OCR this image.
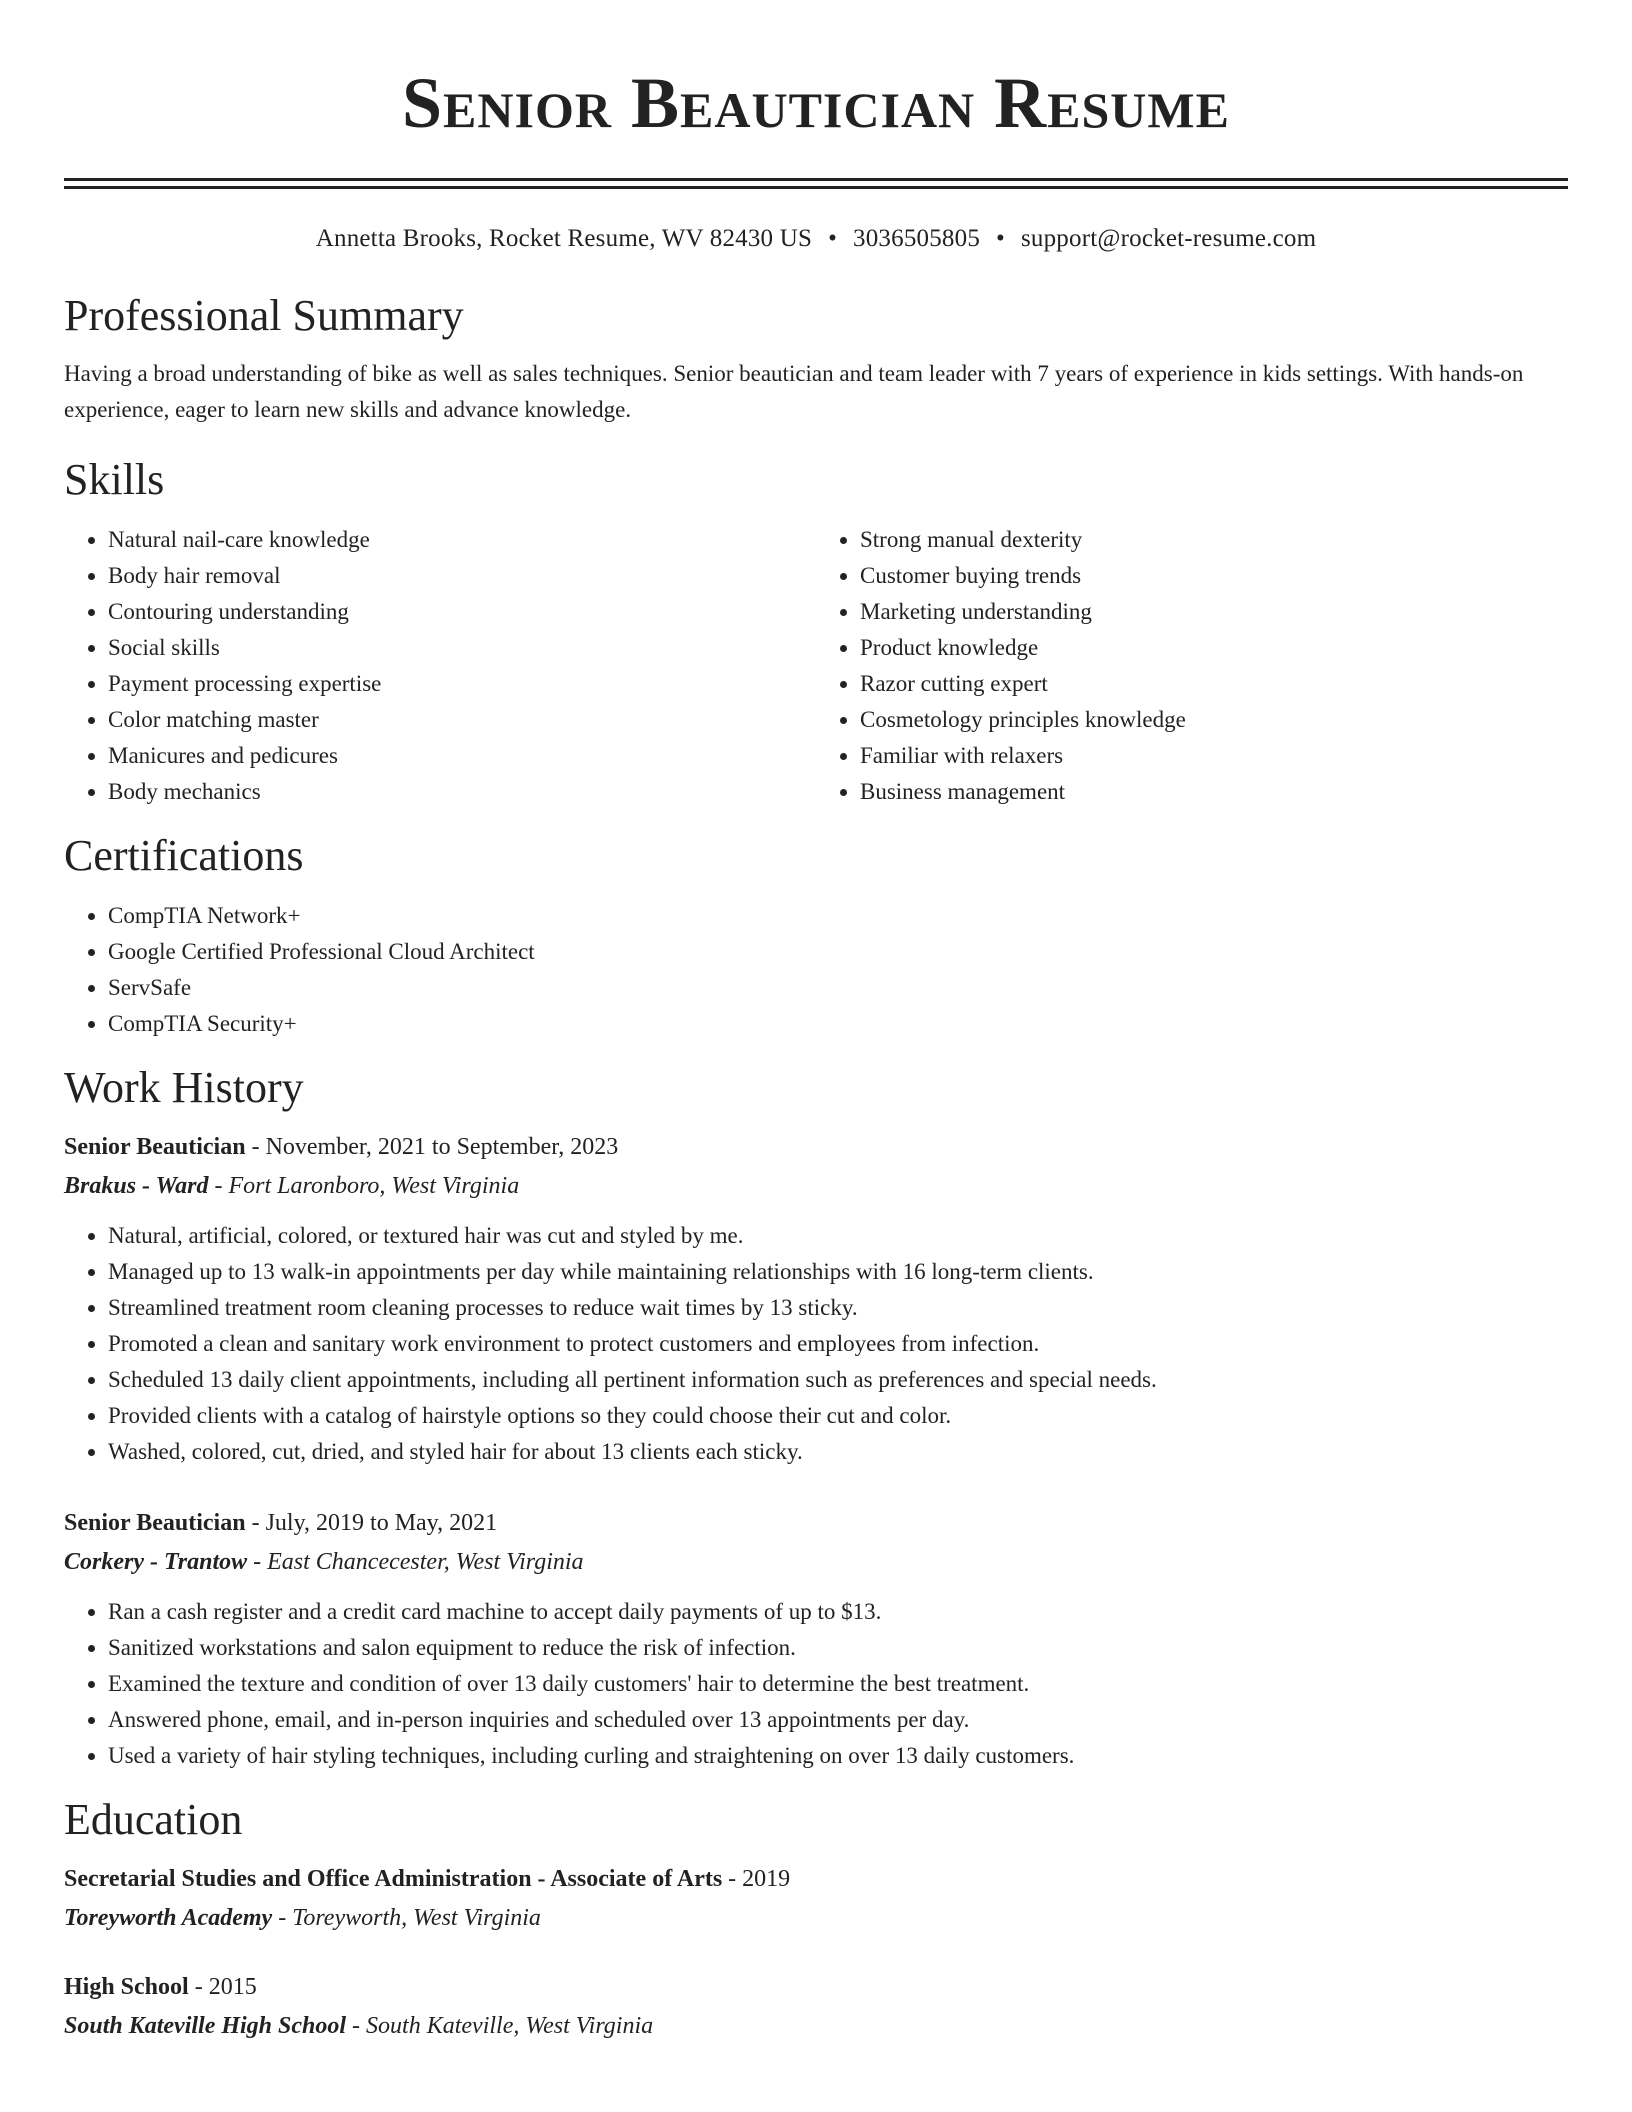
Senior Beautician Resume
Annetta Brooks, Rocket Resume, WV 82430 US • 3036505805 • support@rocket-resume.com
Professional Summary

Having a broad understanding of bike as well as sales techniques. Senior beautician and team leader with 7 years of experience in kids settings. With hands-on experience, eager to learn new skills and advance knowledge.

Skills
• Natural nail-care knowledge
• Body hair removal
• Contouring understanding
• Social skills
• Payment processing expertise
• Color matching master
• Manicures and pedicures
• Body mechanics
• Strong manual dexterity
• Customer buying trends
• Marketing understanding
• Product knowledge
• Razor cutting expert
• Cosmetology principles knowledge
• Familiar with relaxers
• Business management
Certifications
• CompTIA Network+
• Google Certified Professional Cloud Architect
• ServSafe
• CompTIA Security+
Work History
Senior Beautician - November, 2021 to September, 2023
Brakus - Ward - Fort Laronboro, West Virginia
• Natural, artificial, colored, or textured hair was cut and styled by me.
• Managed up to 13 walk-in appointments per day while maintaining relationships with 16 long-term clients.
• Streamlined treatment room cleaning processes to reduce wait times by 13 sticky.
• Promoted a clean and sanitary work environment to protect customers and employees from infection.
• Scheduled 13 daily client appointments, including all pertinent information such as preferences and special needs.
• Provided clients with a catalog of hairstyle options so they could choose their cut and color.
• Washed, colored, cut, dried, and styled hair for about 13 clients each sticky.
Senior Beautician - July, 2019 to May, 2021
Corkery - Trantow - East Chancecester, West Virginia
• Ran a cash register and a credit card machine to accept daily payments of up to $13.
• Sanitized workstations and salon equipment to reduce the risk of infection.
• Examined the texture and condition of over 13 daily customers' hair to determine the best treatment.
• Answered phone, email, and in-person inquiries and scheduled over 13 appointments per day.
• Used a variety of hair styling techniques, including curling and straightening on over 13 daily customers.
Education
Secretarial Studies and Office Administration - Associate of Arts - 2019
Toreyworth Academy - Toreyworth, West Virginia
High School - 2015
South Kateville High School - South Kateville, West Virginia
